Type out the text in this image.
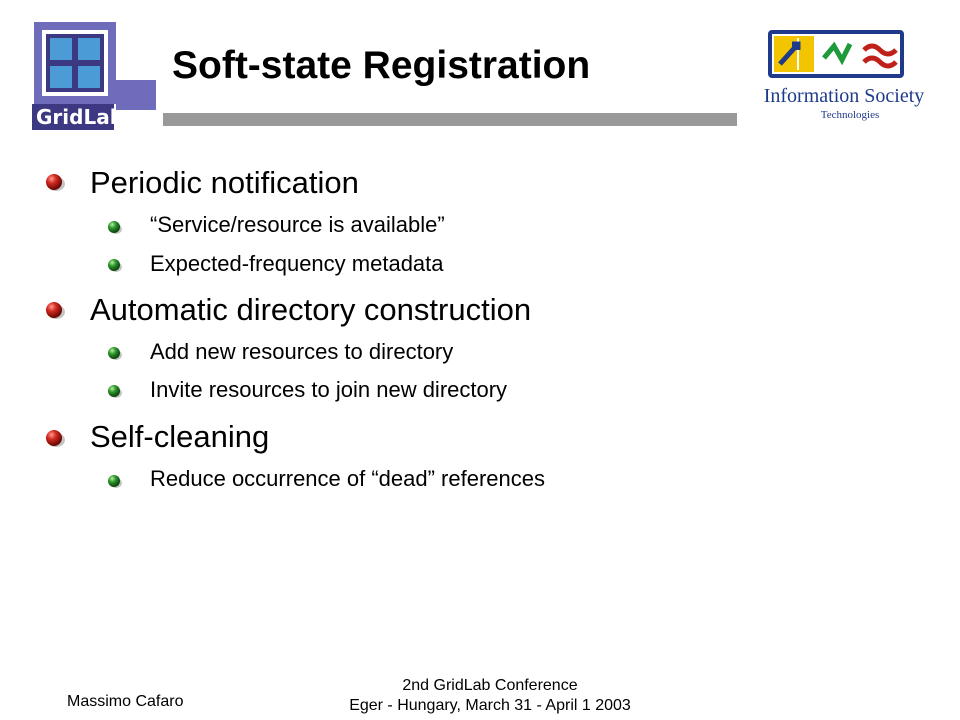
GridLab
Soft-state Registration
Information Society
Technologies
Periodic notification
“Service/resource is available”
Expected-frequency metadata
Automatic directory construction
Add new resources to directory
Invite resources to join new directory
Self-cleaning
Reduce occurrence of “dead” references
Massimo Cafaro
2nd GridLab Conference
Eger - Hungary, March 31 - April 1 2003
